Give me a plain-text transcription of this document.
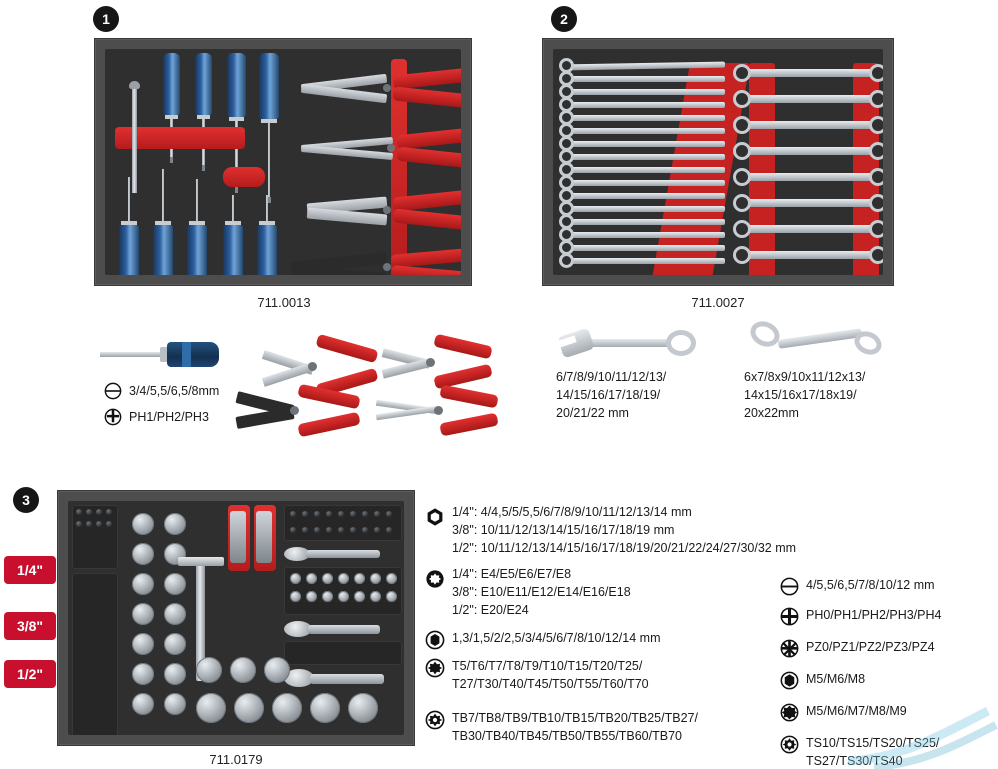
1
711.0013
3/4/5,5/6,5/8mm
PH1/PH2/PH3
2
711.0027
6/7/8/9/10/11/12/13/
14/15/16/17/18/19/
20/21/22 mm
6x7/8x9/10x11/12x13/
14x15/16x17/18x19/
20x22mm
3
711.0179
1/4"
3/8"
1/2"
1/4": 4/4,5/5/5,5/6/7/8/9/10/11/12/13/14 mm
3/8": 10/11/12/13/14/15/16/17/18/19 mm
1/2": 10/11/12/13/14/15/16/17/18/19/20/21/22/24/27/30/32 mm
1/4": E4/E5/E6/E7/E8
3/8": E10/E11/E12/E14/E16/E18
1/2": E20/E24
1,3/1,5/2/2,5/3/4/5/6/7/8/10/12/14 mm
T5/T6/T7/T8/T9/T10/T15/T20/T25/
T27/T30/T40/T45/T50/T55/T60/T70
TB7/TB8/TB9/TB10/TB15/TB20/TB25/TB27/
TB30/TB40/TB45/TB50/TB55/TB60/TB70
4/5,5/6,5/7/8/10/12 mm
PH0/PH1/PH2/PH3/PH4
PZ0/PZ1/PZ2/PZ3/PZ4
M5/M6/M8
M5/M6/M7/M8/M9
TS10/TS15/TS20/TS25/
TS27/TS30/TS40
